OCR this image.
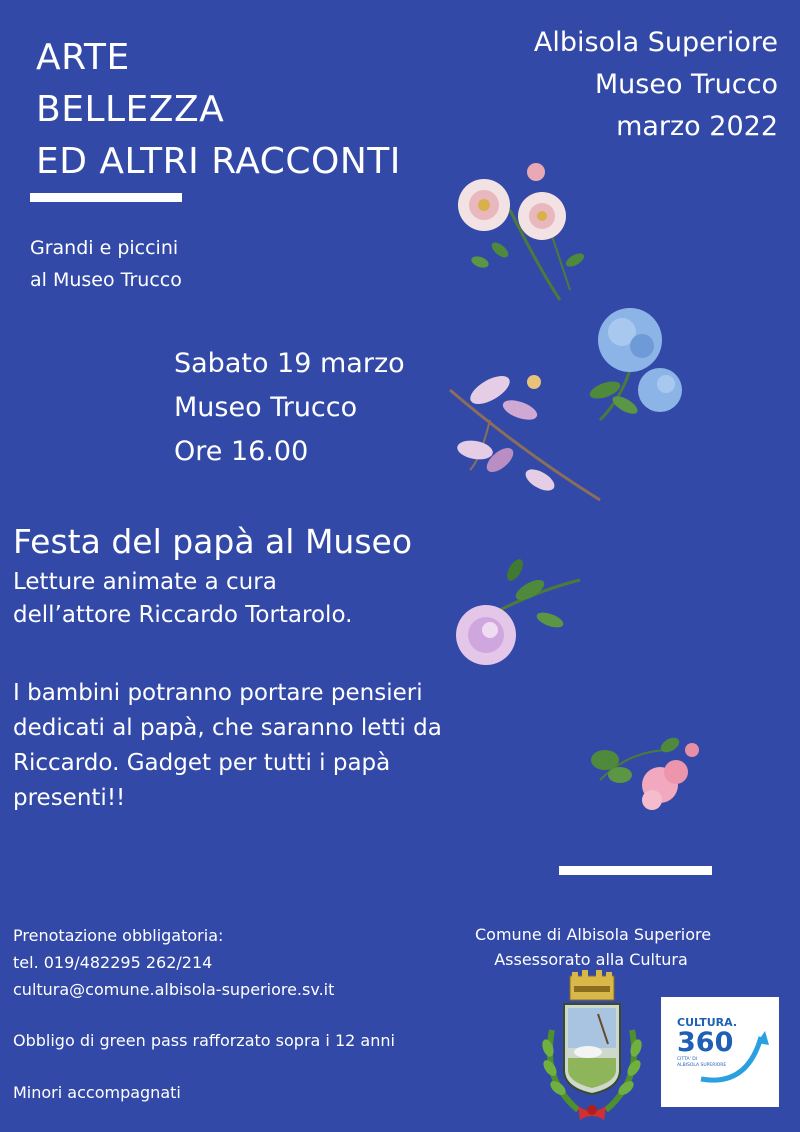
ARTE
BELLEZZA
ED ALTRI RACCONTI
Albisola Superiore
Museo Trucco
marzo 2022
Grandi e piccini
al Museo Trucco
Sabato 19 marzo
Museo Trucco
Ore 16.00
Festa del papà al Museo
Letture animate a cura
dell’attore Riccardo Tortarolo.
I bambini potranno portare pensieri
dedicati al papà, che saranno letti da
Riccardo. Gadget per tutti i papà
presenti!!
Prenotazione obbligatoria:
tel. 019/482295 262/214
cultura@comune.albisola-superiore.sv.it
Obbligo di green pass rafforzato sopra i 12 anni
Minori accompagnati
Comune di Albisola Superiore
Assessorato alla Cultura
CULTURA.
360
CITTA' DI
ALBISOLA SUPERIORE
